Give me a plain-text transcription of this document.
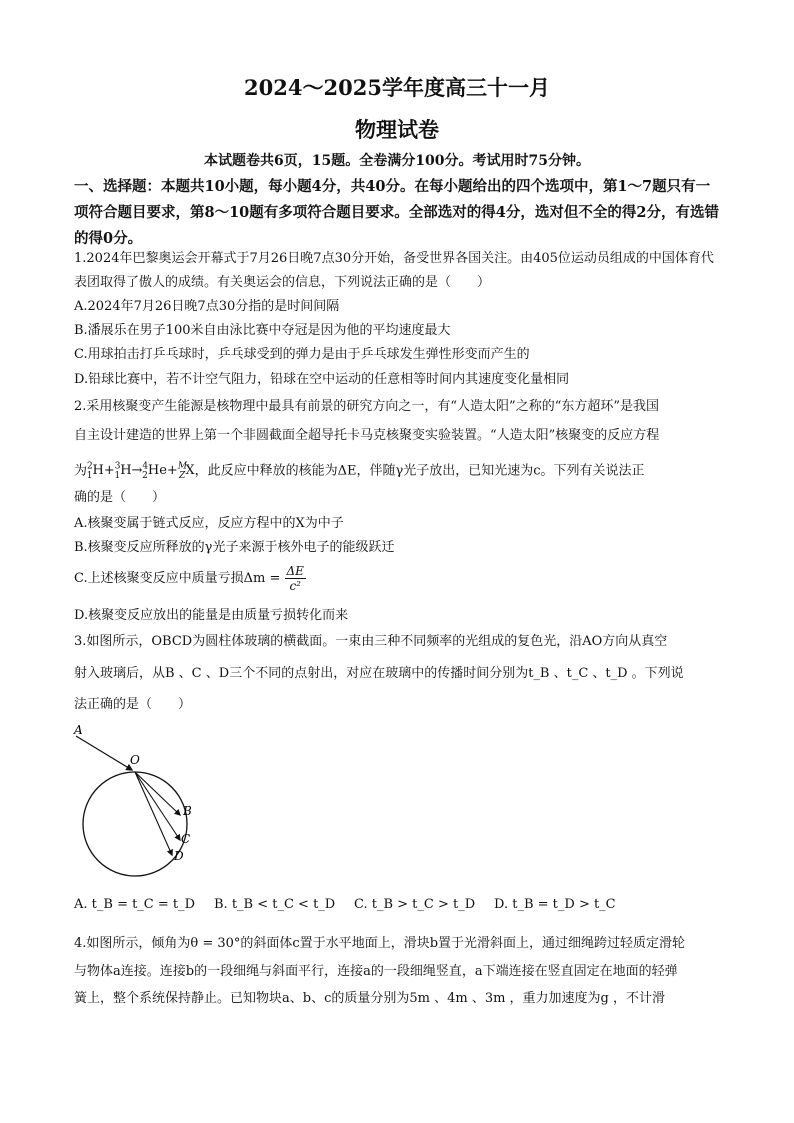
2024～2025学年度高三十一月
物理试卷
本试题卷共6页，15题。全卷满分100分。考试用时75分钟。
一、选择题：本题共10小题，每小题4分，共40分。在每小题给出的四个选项中，第1～7题只有一项符合题目要求，第8～10题有多项符合题目要求。全部选对的得4分，选对但不全的得2分，有选错的得0分。
1.2024年巴黎奥运会开幕式于7月26日晚7点30分开始，备受世界各国关注。由405位运动员组成的中国体育代表团取得了傲人的成绩。有关奥运会的信息，下列说法正确的是（　　）
A.2024年7月26日晚7点30分指的是时间间隔
B.潘展乐在男子100米自由泳比赛中夺冠是因为他的平均速度最大
C.用球拍击打乒乓球时，乒乓球受到的弹力是由于乒乓球发生弹性形变而产生的
D.铅球比赛中，若不计空气阻力，铅球在空中运动的任意相等时间内其速度变化量相同
2.采用核聚变产生能源是核物理中最具有前景的研究方向之一，有“人造太阳”之称的“东方超环”是我国
自主设计建造的世界上第一个非圆截面全超导托卡马克核聚变实验装置。“人造太阳”核聚变的反应方程
为$^2_1$H+$^3_1$H→$^4_2$He+$^M_Z$X，此反应中释放的核能为ΔE，伴随γ光子放出，已知光速为c。下列有关说法正
确的是（　　）
A.核聚变属于链式反应，反应方程中的X为中子
B.核聚变反应所释放的γ光子来源于核外电子的能级跃迁
C.上述核聚变反应中质量亏损$\Delta m = \frac{\Delta E}{\text{c²}}$
D.核聚变反应放出的能量是由质量亏损转化而来
3.如图所示，OBCD为圆柱体玻璃的横截面。一束由三种不同频率的光组成的复色光，沿AO方向从真空
射入玻璃后，从B 、C 、D三个不同的点射出，对应在玻璃中的传播时间分别为t_B 、t_C 、t_D 。下列说
法正确的是（　　）
A
O
B
C
D
A. t_B = t_C = t_D B. t_B < t_C < t_D C. t_B > t_C > t_D D. t_B = t_D > t_C
4.如图所示，倾角为θ = 30°的斜面体c置于水平地面上，滑块b置于光滑斜面上，通过细绳跨过轻质定滑轮
与物体a连接。连接b的一段细绳与斜面平行，连接a的一段细绳竖直，a下端连接在竖直固定在地面的轻弹
簧上，整个系统保持静止。已知物块a、b、c的质量分别为5m 、4m 、3m ，重力加速度为g ，不计滑
